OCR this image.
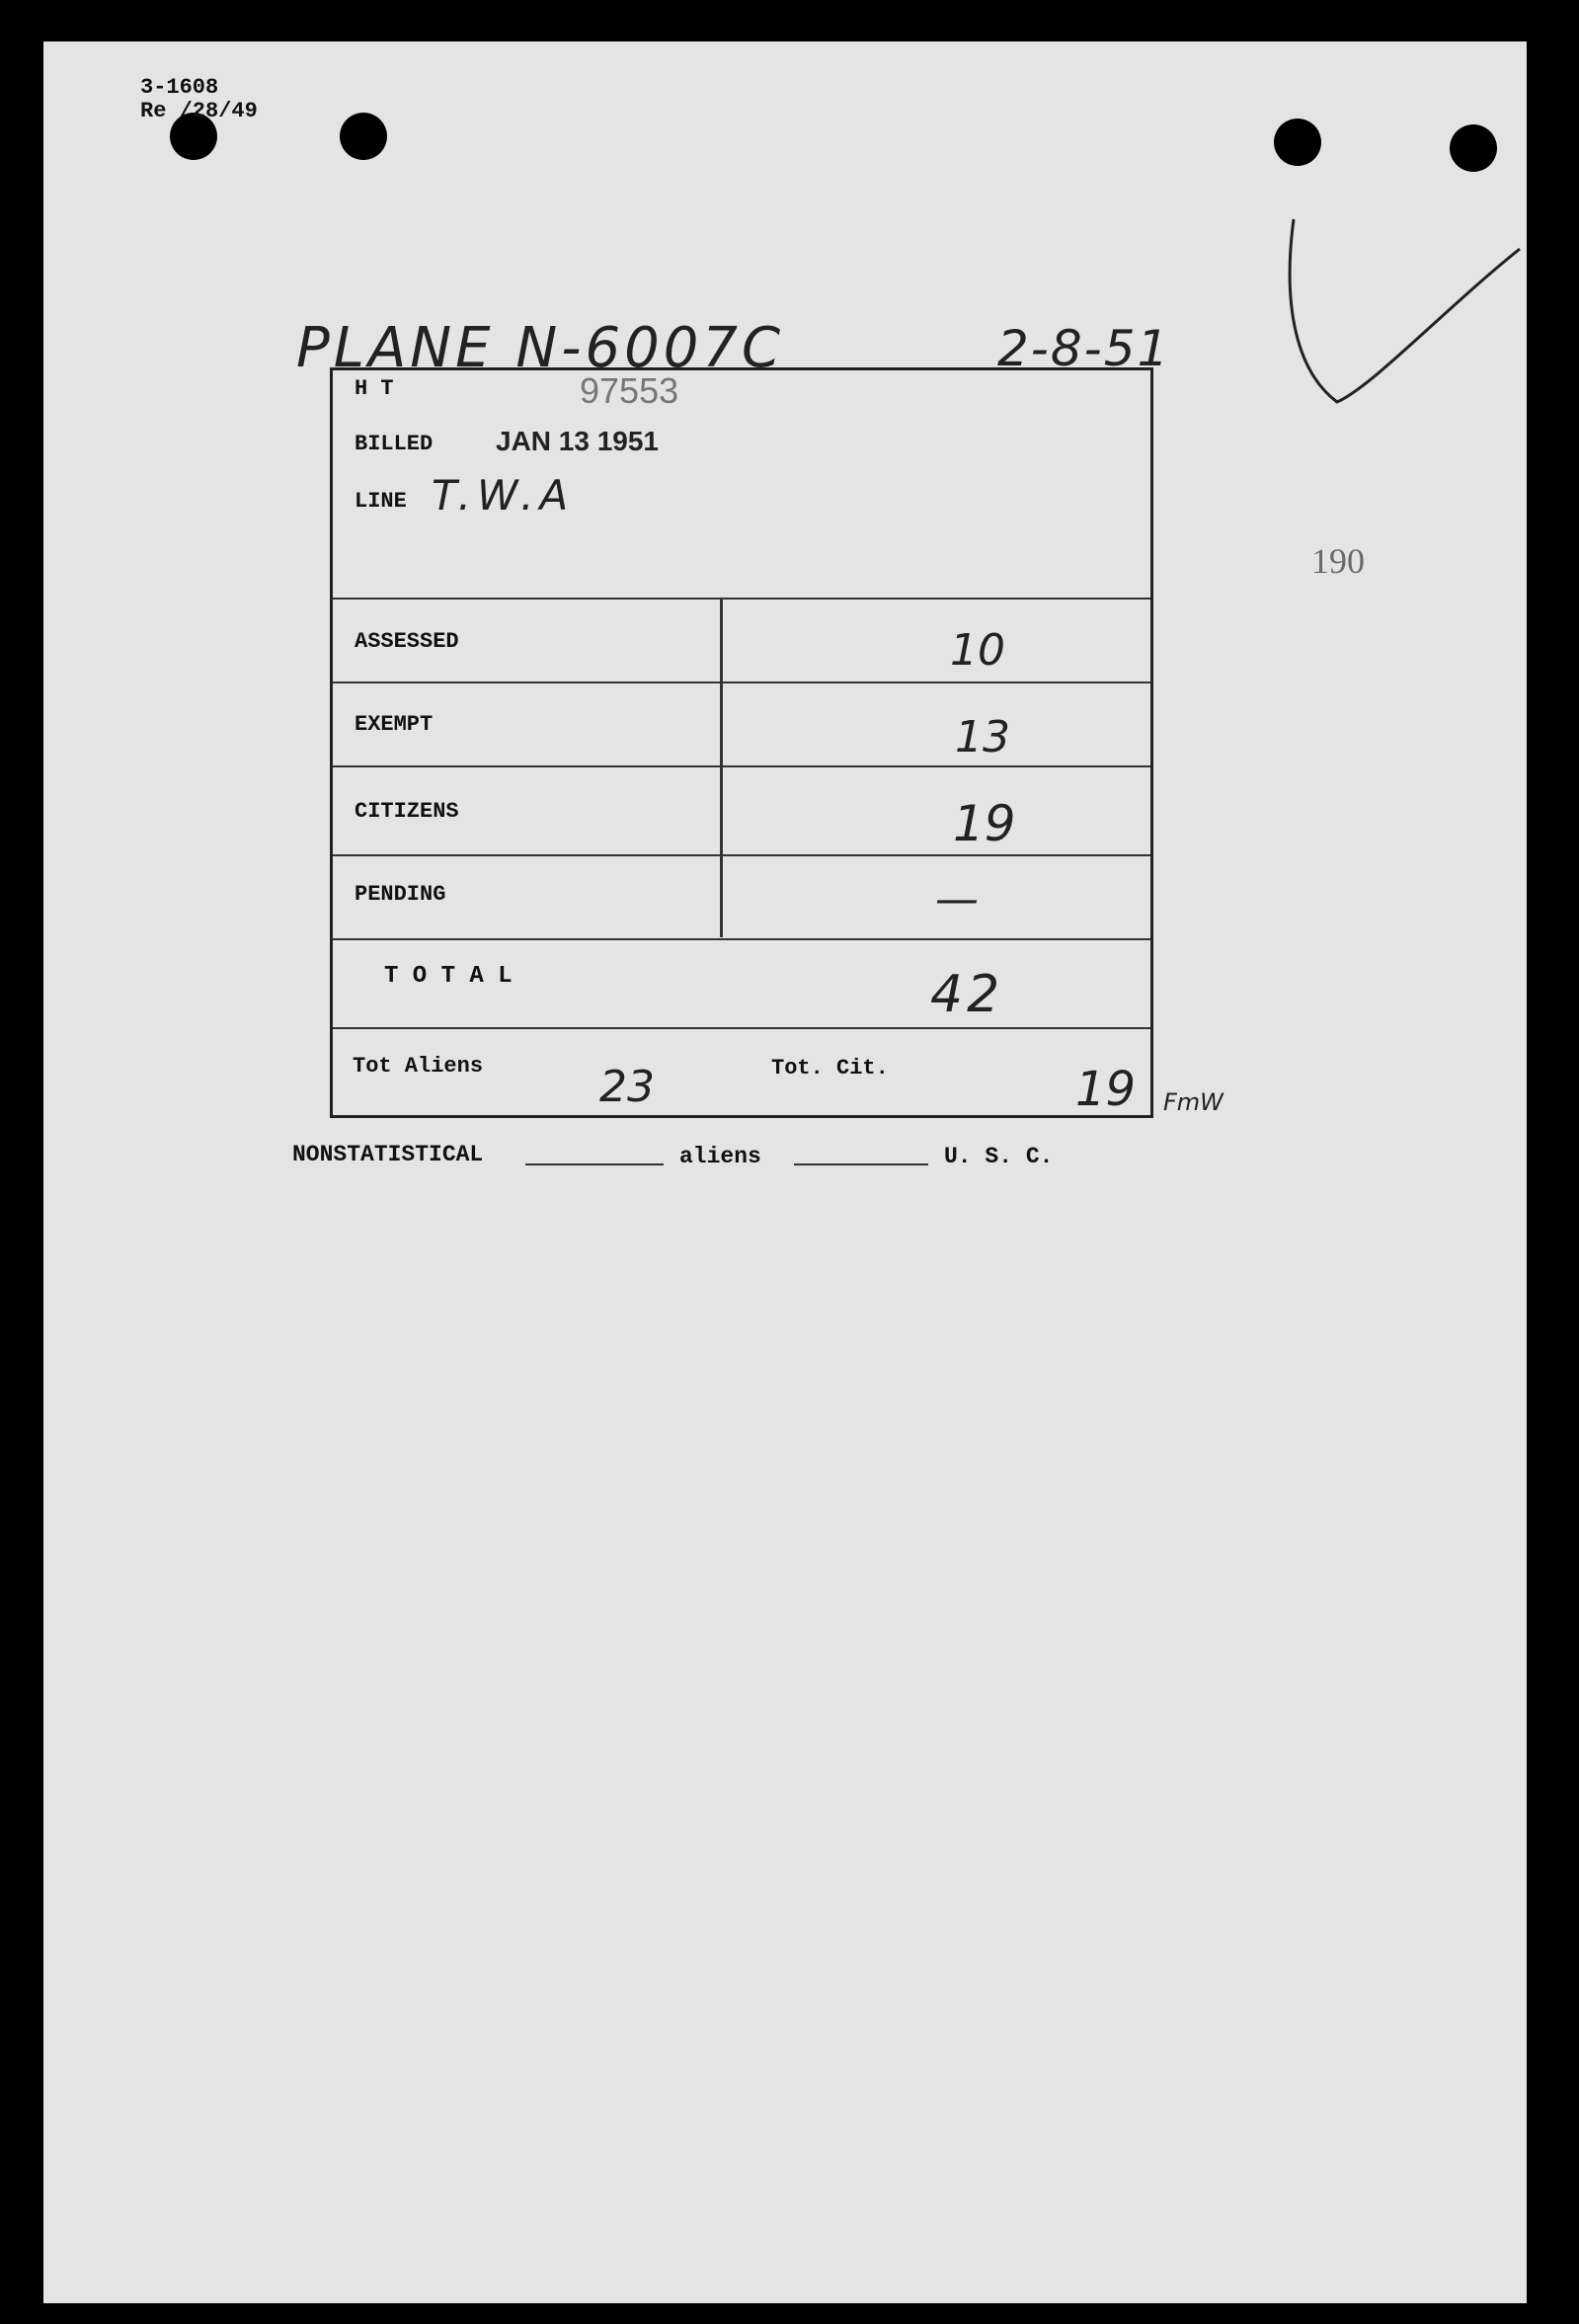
3-1608
Re /28/49
PLANE N-6007C	2-8-51
190
H T	97553
BILLED JAN 13 1951
LINE T.W.A
ASSESSED	10
EXEMPT	13
CITIZENS	19
PENDING	—
T O T A L	42
Tot Aliens	23	Tot. Cit.	19 FmW
NONSTATISTICAL	aliens	U. S. C.
